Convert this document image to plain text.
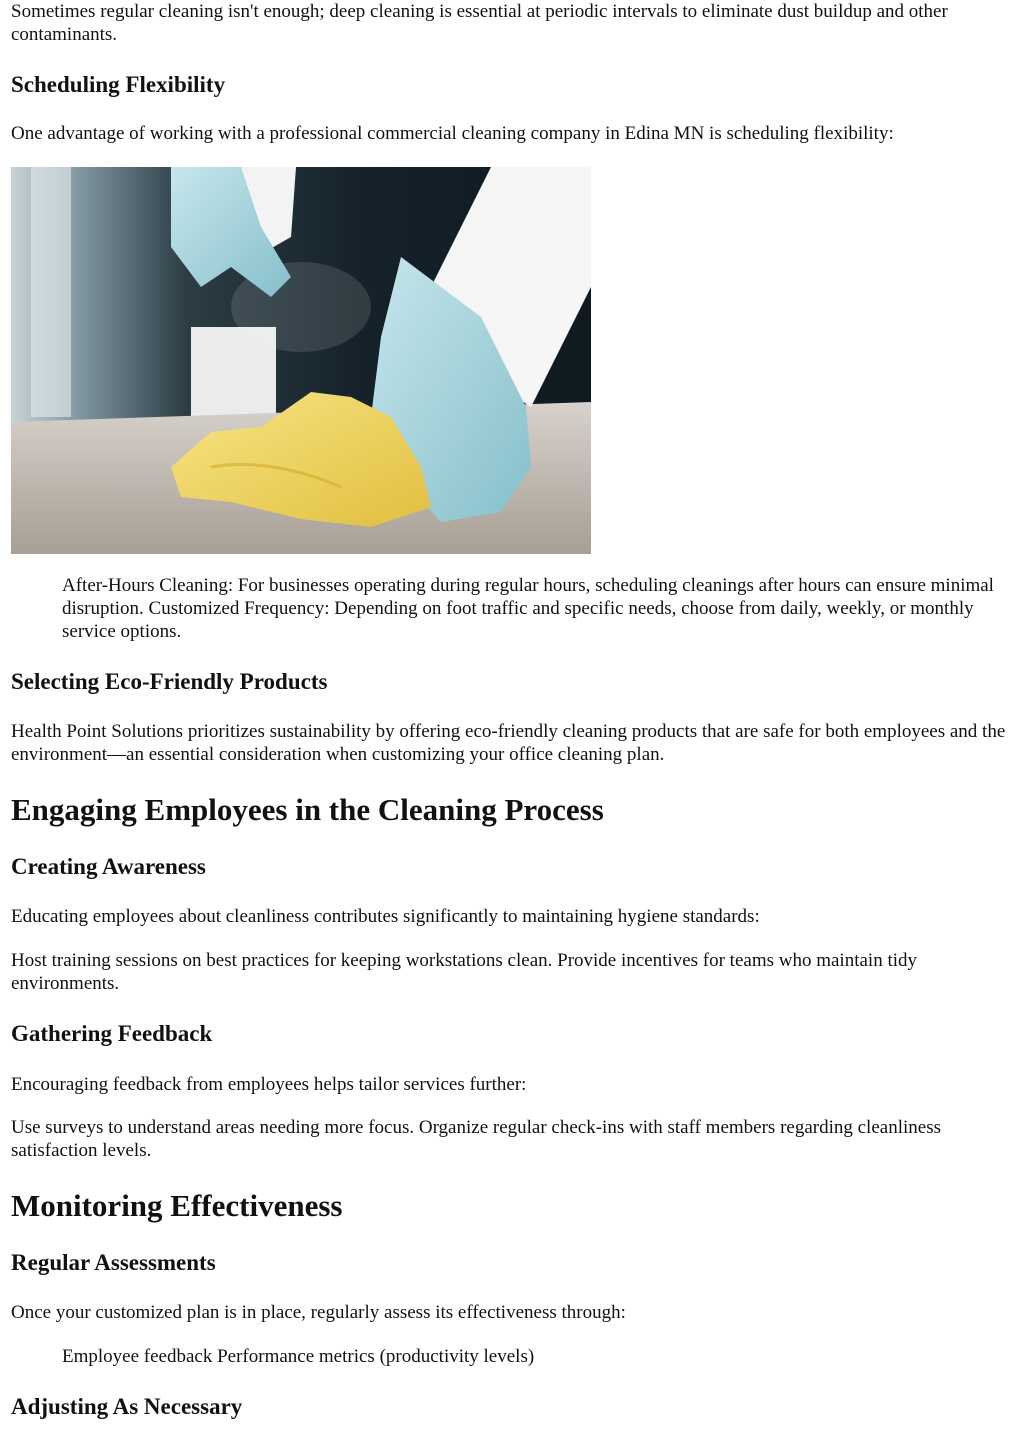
Sometimes regular cleaning isn't enough; deep cleaning is essential at periodic intervals to eliminate dust buildup and other contaminants.

Scheduling Flexibility

One advantage of working with a professional commercial cleaning company in Edina MN is scheduling flexibility:

After-Hours Cleaning: For businesses operating during regular hours, scheduling cleanings after hours can ensure minimal disruption. Customized Frequency: Depending on foot traffic and specific needs, choose from daily, weekly, or monthly service options.

Selecting Eco-Friendly Products

Health Point Solutions prioritizes sustainability by offering eco-friendly cleaning products that are safe for both employees and the environment—an essential consideration when customizing your office cleaning plan.

Engaging Employees in the Cleaning Process
Creating Awareness

Educating employees about cleanliness contributes significantly to maintaining hygiene standards:

Host training sessions on best practices for keeping workstations clean. Provide incentives for teams who maintain tidy environments.

Gathering Feedback

Encouraging feedback from employees helps tailor services further:

Use surveys to understand areas needing more focus. Organize regular check-ins with staff members regarding cleanliness satisfaction levels.

Monitoring Effectiveness
Regular Assessments

Once your customized plan is in place, regularly assess its effectiveness through:

Employee feedback Performance metrics (productivity levels)

Adjusting As Necessary
